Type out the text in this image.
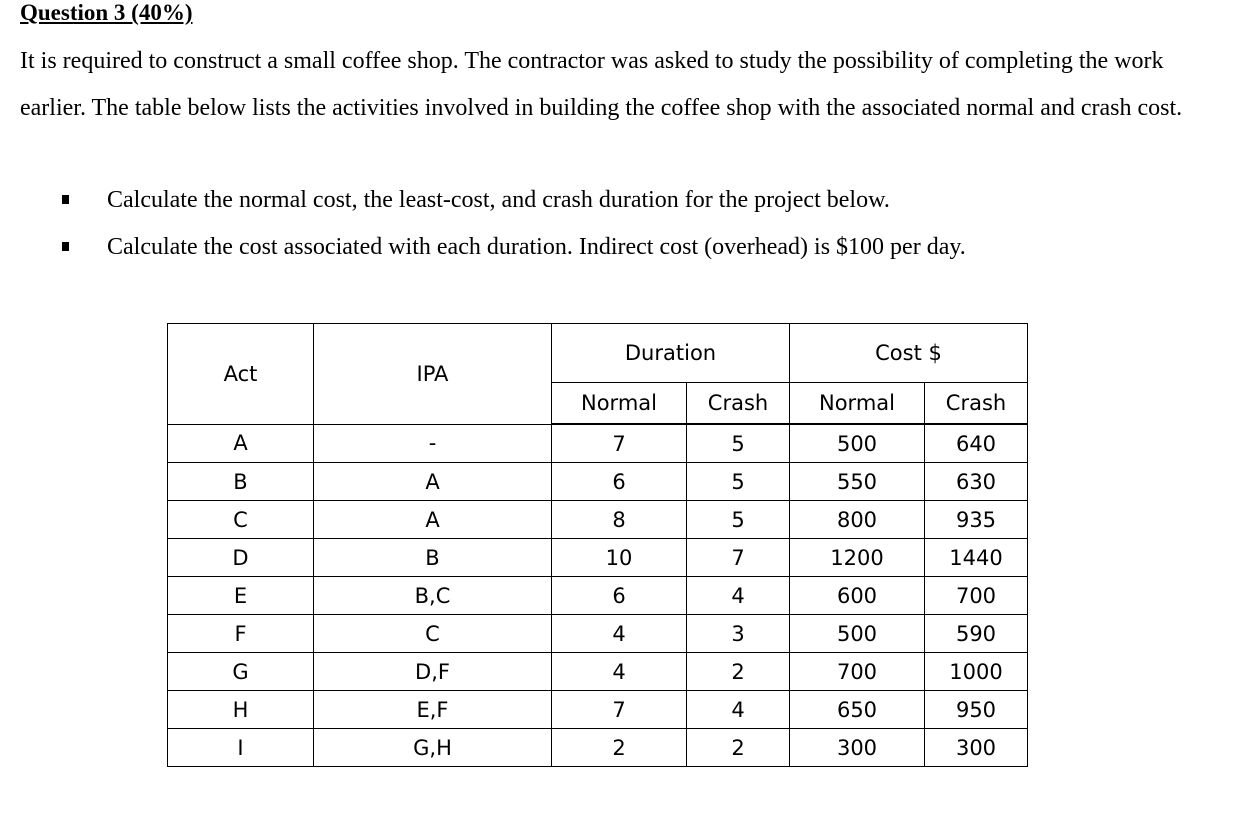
Question 3 (40%)
It is required to construct a small coffee shop. The contractor was asked to study the possibility of completing the work earlier. The table below lists the activities involved in building the coffee shop with the associated normal and crash cost.
Calculate the normal cost, the least-cost, and crash duration for the project below.
Calculate the cost associated with each duration. Indirect cost (overhead) is $100 per day.
Act	IPA	Duration		Cost $	
		Normal	Crash	Normal	Crash
A	-	7	5	500	640
B	A	6	5	550	630
C	A	8	5	800	935
D	B	10	7	1200	1440
E	B,C	6	4	600	700
F	C	4	3	500	590
G	D,F	4	2	700	1000
H	E,F	7	4	650	950
I	G,H	2	2	300	300
